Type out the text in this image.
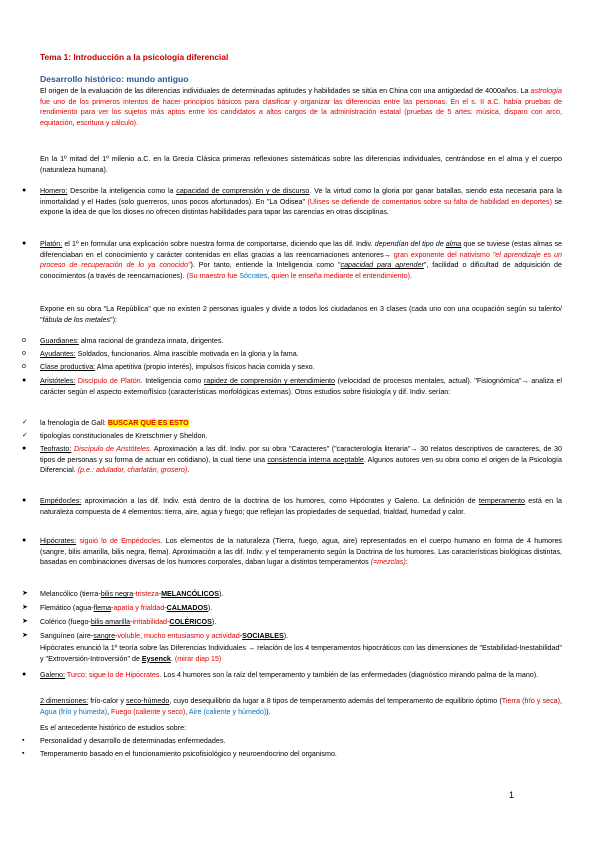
Tema 1: Introducción a la psicología diferencial
Desarrollo histórico: mundo antiguo
El origen de la evaluación de las diferencias individuales de determinadas aptitudes y habilidades se sitúa en China con una antigüedad de 4000años. La astrología fue uno de los primeros intentos de hacer principios básicos para clasificar y organizar las diferencias entre las personas. En el s. II a.C. había pruebas de rendimiento para ver los sujetos más aptos entre los candidatos a altos cargos de la administración estatal (pruebas de 5 artes: música, disparo con arco, equitación, escritura y cálculo).
En la 1º mitad del 1º milenio a.C. en la Grecia Clásica primeras reflexiones sistemáticas sobre las diferencias individuales, centrándose en el alma y el cuerpo (naturaleza humana).
●	Homero: Describe la inteligencia como la capacidad de comprensión y de discurso. Ve la virtud como la gloria por ganar batallas, siendo esta necesaria para la inmortalidad y el Hades (solo guerreros, unos pocos afortunados). En "La Odisea" (Ulises se defiende de comentarios sobre su falta de habilidad en deportes) se expone la idea de que los dioses no ofrecen distintas habilidades para tapar las carencias en otras disciplinas.
●	Platón: el 1º en formular una explicación sobre nuestra forma de comportarse, diciendo que las dif. Indiv. dependían del tipo de alma que se tuviese (estas almas se diferenciaban en el conocimiento y carácter contenidas en ellas gracias a las reencarnaciones anteriores→ gran exponente del nativismo "el aprendizaje es un proceso de recuperación de lo ya conocido"). Por tanto, entiende la Inteligencia como "capacidad para aprender", facilidad o dificultad de adquisición de conocimientos (a través de reencarnaciones). (Su maestro fue Sócrates, quien le enseña mediante el entendimiento).
Expone en su obra "La República" que no existen 2 personas iguales y divide a todos los ciudadanos en 3 clases (cada uno con una ocupación según su talento/ "fábula de los metales"):
o	Guardianes: alma racional de grandeza innata, dirigentes.
o	Ayudantes: Soldados, funcionarios. Alma irascible motivada en la gloria y la fama.
o	Clase productiva: Alma apetitiva (propio interés), impulsos físicos hacia comida y sexo.
●	Aristóteles: Discípulo de Platón. Inteligencia como rapidez de comprensión y entendimiento (velocidad de procesos mentales, actual). "Fisiognómica"→ analiza el carácter según el aspecto externo/físico (características morfológicas externas). Otros estudios sobre fisiología y dif. Indiv. serían:
✓	la frenología de Gall: BUSCAR QUÉ ES ESTO
✓	tipologías constitucionales de Kretschmer y Sheldon.
●	Teofrasto: Discípulo de Aristóteles. Aproximación a las dif. Indiv. por su obra "Caracteres" ("caracterología literaria"→ 30 relatos descriptivos de caracteres, de 30 tipos de personas y su forma de actuar en cotidiano), la cual tiene una consistencia interna aceptable. Algunos autores ven su obra como el origen de la Psicología Diferencial. (p.e.: adulador, charlatán, grosero).
●	Empédocles: aproximación a las dif. Indiv. está dentro de la doctrina de los humores, como Hipócrates y Galeno. La definición de temperamento está en la naturaleza compuesta de 4 elementos: tierra, aire, agua y fuego; que reflejan las propiedades de sequedad, frialdad, humedad y calor.
●	Hipócrates: siguió lo de Empédocles. Los elementos de la naturaleza (Tierra, fuego, agua, aire) representados en el cuerpo humano en forma de 4 humores (sangre, bilis amarilla, bilis negra, flema). Aproximación a las dif. Indiv. y el temperamento según la Doctrina de los humores. Las características biológicas distintas, basadas en combinaciones diversas de los humores corporales, daban lugar a distintos temperamentos (=mezclas):
➤	Melancólico (tierra-bilis negra-tristeza-MELANCÓLICOS).
➤	Flemático (agua-flema-apatía y frialdad-CALMADOS).
➤	Colérico (fuego-bilis amarilla-irritabilidad-COLÉRICOS).
➤	Sanguíneo (aire-sangre-voluble, mucho entusiasmo y actividad-SOCIABLES).
Hipócrates enunció la 1º teoría sobre las Diferencias Individuales → relación de los 4 temperamentos hipocráticos con las dimensiones de "Estabilidad-Inestabilidad" y "Extroversión-Introversión" de Eysenck. (mirar diap 15)
●	Galeno: Turco; sigue lo de Hipócrates. Los 4 humores son la raíz del temperamento y también de las enfermedades (diagnóstico mirando palma de la mano).
2 dimensiones: frío-calor y seco-húmedo, cuyo desequilibrio da lugar a 8 tipos de temperamento además del temperamento de equilibrio óptimo (Tierra (frío y seca), Agua (frío y húmeda), Fuego (caliente y seco), Aire (caliente y húmedo)).
Es el antecedente histórico de estudios sobre:
▪	Personalidad y desarrollo de determinadas enfermedades.
▪	Temperamento basado en el funcionamiento psicofisiológico y neuroendocrino del organismo.
1
